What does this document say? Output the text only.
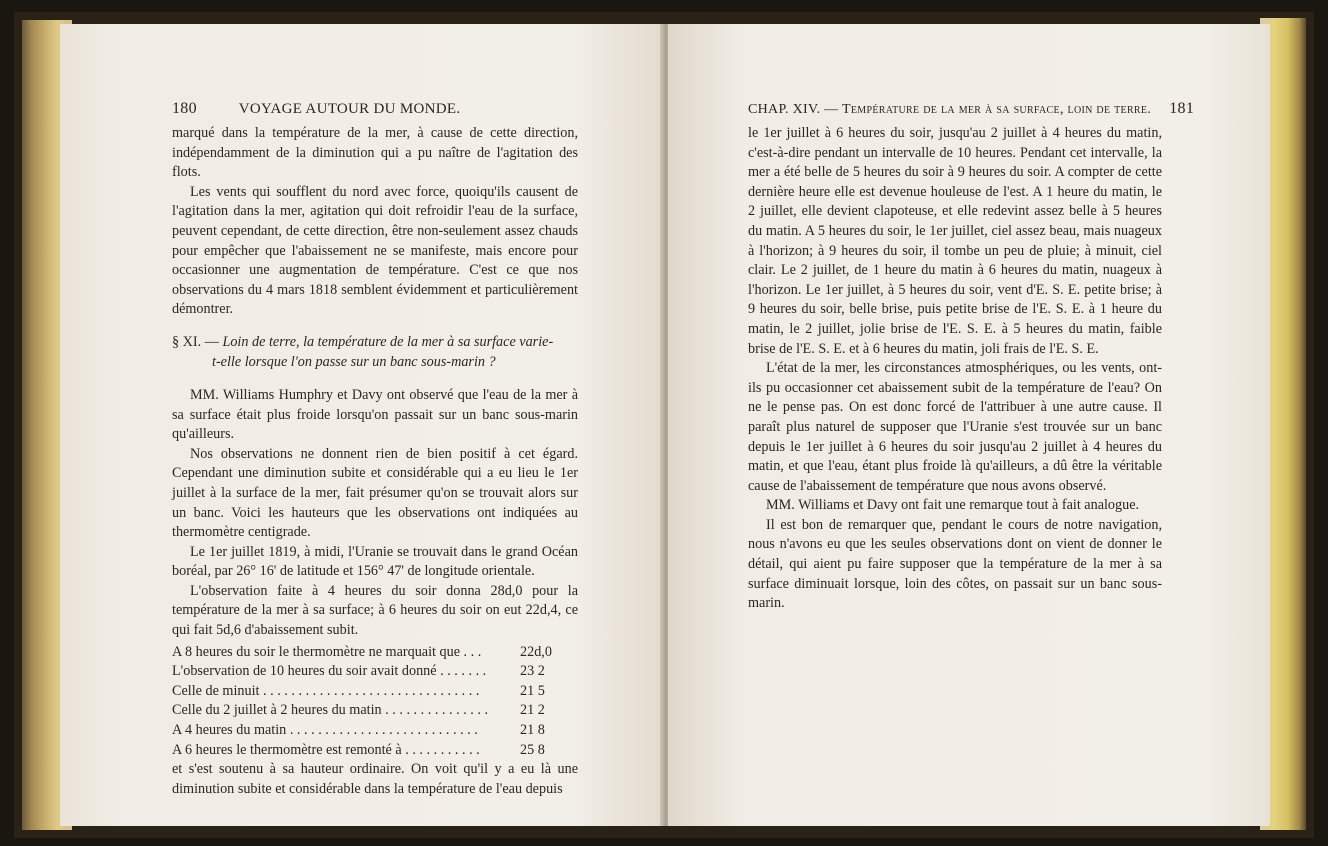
180	VOYAGE AUTOUR DU MONDE.

marqué dans la température de la mer, à cause de cette direction, indépendamment de la diminution qui a pu naître de l'agitation des flots.

Les vents qui soufflent du nord avec force, quoiqu'ils causent de l'agitation dans la mer, agitation qui doit refroidir l'eau de la surface, peuvent cependant, de cette direction, être non-seulement assez chauds pour empêcher que l'abaissement ne se manifeste, mais encore pour occasionner une augmentation de température. C'est ce que nos observations du 4 mars 1818 semblent évidemment et particulièrement démontrer.

§ XI. — Loin de terre, la température de la mer à sa surface varie-
t-elle lorsque l'on passe sur un banc sous-marin ?

MM. Williams Humphry et Davy ont observé que l'eau de la mer à sa surface était plus froide lorsqu'on passait sur un banc sous-marin qu'ailleurs.

Nos observations ne donnent rien de bien positif à cet égard. Cependant une diminution subite et considérable qui a eu lieu le 1er juillet à la surface de la mer, fait présumer qu'on se trouvait alors sur un banc. Voici les hauteurs que les observations ont indiquées au thermomètre centigrade.

Le 1er juillet 1819, à midi, l'Uranie se trouvait dans le grand Océan boréal, par 26° 16' de latitude et 156° 47' de longitude orientale.

L'observation faite à 4 heures du soir donna 28d,0 pour la température de la mer à sa surface; à 6 heures du soir on eut 22d,4, ce qui fait 5d,6 d'abaissement subit.

A 8 heures du soir le thermomètre ne marquait que . . .	22d,0
L'observation de 10 heures du soir avait donné . . . . . . .	23 2
Celle de minuit . . . . . . . . . . . . . . . . . . . . . . . . . . . . . . .	21 5
Celle du 2 juillet à 2 heures du matin . . . . . . . . . . . . . . .	21 2
A 4 heures du matin . . . . . . . . . . . . . . . . . . . . . . . . . . .	21 8
A 6 heures le thermomètre est remonté à . . . . . . . . . . .	25 8

et s'est soutenu à sa hauteur ordinaire. On voit qu'il y a eu là une diminution subite et considérable dans la température de l'eau depuis

CHAP. XIV. — Température de la mer à sa surface, loin de terre. 181

le 1er juillet à 6 heures du soir, jusqu'au 2 juillet à 4 heures du matin, c'est-à-dire pendant un intervalle de 10 heures. Pendant cet intervalle, la mer a été belle de 5 heures du soir à 9 heures du soir. A compter de cette dernière heure elle est devenue houleuse de l'est. A 1 heure du matin, le 2 juillet, elle devient clapoteuse, et elle redevint assez belle à 5 heures du matin. A 5 heures du soir, le 1er juillet, ciel assez beau, mais nuageux à l'horizon; à 9 heures du soir, il tombe un peu de pluie; à minuit, ciel clair. Le 2 juillet, de 1 heure du matin à 6 heures du matin, nuageux à l'horizon. Le 1er juillet, à 5 heures du soir, vent d'E. S. E. petite brise; à 9 heures du soir, belle brise, puis petite brise de l'E. S. E. à 1 heure du matin, le 2 juillet, jolie brise de l'E. S. E. à 5 heures du matin, faible brise de l'E. S. E. et à 6 heures du matin, joli frais de l'E. S. E.

L'état de la mer, les circonstances atmosphériques, ou les vents, ont-ils pu occasionner cet abaissement subit de la température de l'eau? On ne le pense pas. On est donc forcé de l'attribuer à une autre cause. Il paraît plus naturel de supposer que l'Uranie s'est trouvée sur un banc depuis le 1er juillet à 6 heures du soir jusqu'au 2 juillet à 4 heures du matin, et que l'eau, étant plus froide là qu'ailleurs, a dû être la véritable cause de l'abaissement de température que nous avons observé.

MM. Williams et Davy ont fait une remarque tout à fait analogue.

Il est bon de remarquer que, pendant le cours de notre navigation, nous n'avons eu que les seules observations dont on vient de donner le détail, qui aient pu faire supposer que la température de la mer à sa surface diminuait lorsque, loin des côtes, on passait sur un banc sous-marin.
